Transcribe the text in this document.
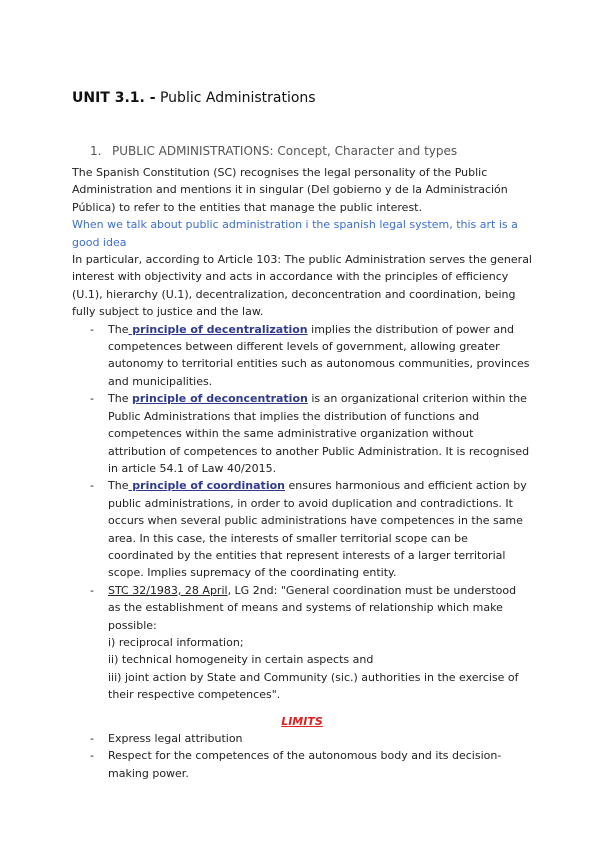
UNIT 3.1. - Public Administrations
1. PUBLIC ADMINISTRATIONS: Concept, Character and types

The Spanish Constitution (SC) recognises the legal personality of the Public Administration and mentions it in singular (Del gobierno y de la Administración Pública) to refer to the entities that manage the public interest.

When we talk about public administration i the spanish legal system, this art is a good idea

In particular, according to Article 103: The public Administration serves the general interest with objectivity and acts in accordance with the principles of efficiency (U.1), hierarchy (U.1), decentralization, deconcentration and coordination, being fully subject to justice and the law.

- The principle of decentralization implies the distribution of power and competences between different levels of government, allowing greater autonomy to territorial entities such as autonomous communities, provinces and municipalities.
- The principle of deconcentration is an organizational criterion within the Public Administrations that implies the distribution of functions and competences within the same administrative organization without attribution of competences to another Public Administration. It is recognised in article 54.1 of Law 40/2015.
- The principle of coordination ensures harmonious and efficient action by public administrations, in order to avoid duplication and contradictions. It occurs when several public administrations have competences in the same area. In this case, the interests of smaller territorial scope can be coordinated by the entities that represent interests of a larger territorial scope. Implies supremacy of the coordinating entity.
- STC 32/1983, 28 April, LG 2nd: "General coordination must be understood as the establishment of means and systems of relationship which make possible:
i) reciprocal information;
ii) technical homogeneity in certain aspects and
iii) joint action by State and Community (sic.) authorities in the exercise of their respective competences".
LIMITS
- Express legal attribution
- Respect for the competences of the autonomous body and its decision-making power.
